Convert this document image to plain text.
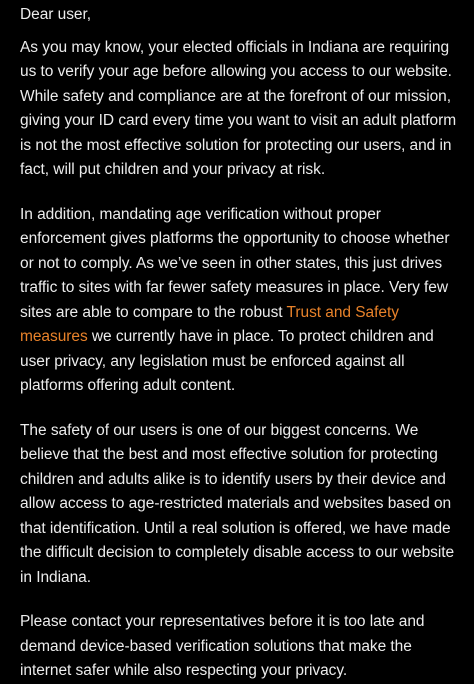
Dear user,

As you may know, your elected officials in Indiana are requiring us to verify your age before allowing you access to our website. While safety and compliance are at the forefront of our mission, giving your ID card every time you want to visit an adult platform is not the most effective solution for protecting our users, and in fact, will put children and your privacy at risk.

In addition, mandating age verification without proper enforcement gives platforms the opportunity to choose whether or not to comply. As we’ve seen in other states, this just drives traffic to sites with far fewer safety measures in place. Very few sites are able to compare to the robust Trust and Safety measures we currently have in place. To protect children and user privacy, any legislation must be enforced against all platforms offering adult content.

The safety of our users is one of our biggest concerns. We believe that the best and most effective solution for protecting children and adults alike is to identify users by their device and allow access to age-restricted materials and websites based on that identification. Until a real solution is offered, we have made the difficult decision to completely disable access to our website in Indiana.

Please contact your representatives before it is too late and demand device-based verification solutions that make the internet safer while also respecting your privacy.
